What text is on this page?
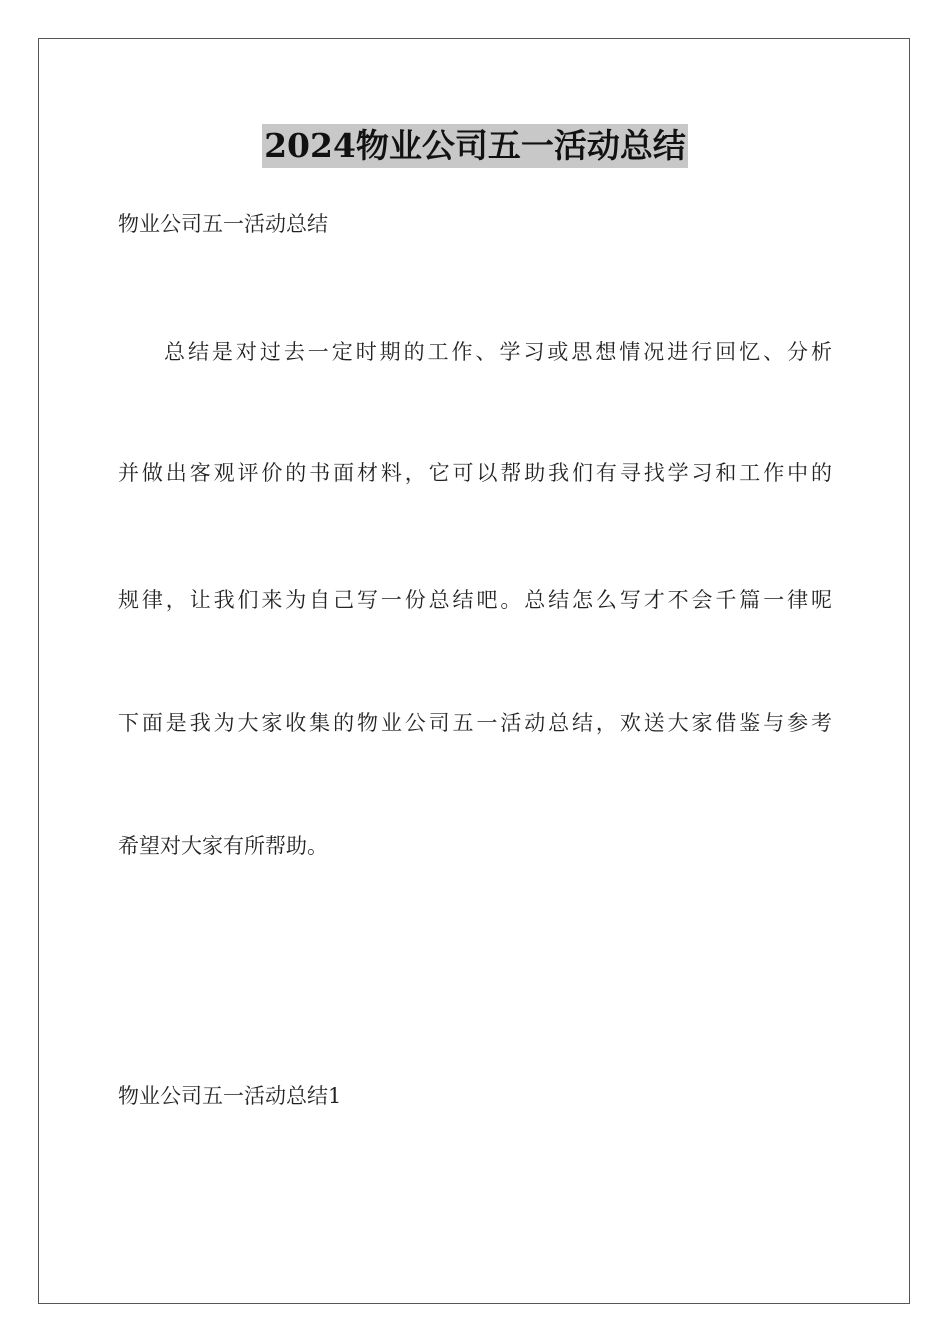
2024物业公司五一活动总结

物业公司五一活动总结

总结是对过去一定时期的工作、学习或思想情况进行回忆、分析

并做出客观评价的书面材料，它可以帮助我们有寻找学习和工作中的

规律，让我们来为自己写一份总结吧。总结怎么写才不会千篇一律呢

下面是我为大家收集的物业公司五一活动总结，欢送大家借鉴与参考

希望对大家有所帮助。

物业公司五一活动总结1
